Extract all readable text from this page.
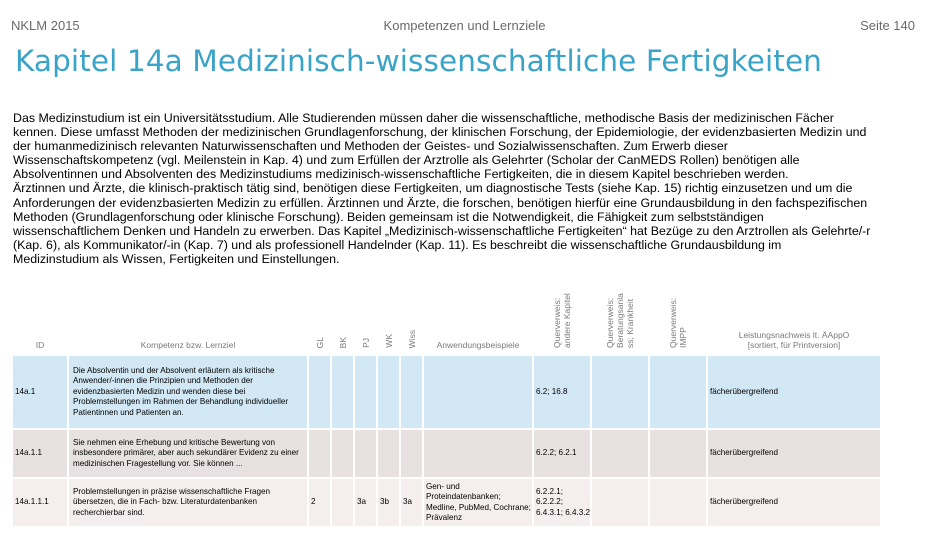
NKLM 2015	Kompetenzen und Lernziele	Seite 140
Kapitel 14a Medizinisch-wissenschaftliche Fertigkeiten

Das Medizinstudium ist ein Universitätsstudium. Alle Studierenden müssen daher die wissenschaftliche, methodische Basis der medizinischen Fächer

kennen. Diese umfasst Methoden der medizinischen Grundlagenforschung, der klinischen Forschung, der Epidemiologie, der evidenzbasierten Medizin und

der humanmedizinisch relevanten Naturwissenschaften und Methoden der Geistes- und Sozialwissenschaften. Zum Erwerb dieser

Wissenschaftskompetenz (vgl. Meilenstein in Kap. 4) und zum Erfüllen der Arztrolle als Gelehrter (Scholar der CanMEDS Rollen) benötigen alle

Absolventinnen und Absolventen des Medizinstudiums medizinisch-wissenschaftliche Fertigkeiten, die in diesem Kapitel beschrieben werden.

Ärztinnen und Ärzte, die klinisch-praktisch tätig sind, benötigen diese Fertigkeiten, um diagnostische Tests (siehe Kap. 15) richtig einzusetzen und um die

Anforderungen der evidenzbasierten Medizin zu erfüllen. Ärztinnen und Ärzte, die forschen, benötigen hierfür eine Grundausbildung in den fachspezifischen

Methoden (Grundlagenforschung oder klinische Forschung). Beiden gemeinsam ist die Notwendigkeit, die Fähigkeit zum selbstständigen

wissenschaftlichem Denken und Handeln zu erwerben. Das Kapitel „Medizinisch-wissenschaftliche Fertigkeiten“ hat Bezüge zu den Arztrollen als Gelehrte/-r

(Kap. 6), als Kommunikator/-in (Kap. 7) und als professionell Handelnder (Kap. 11). Es beschreibt die wissenschaftliche Grundausbildung im

Medizinstudium als Wissen, Fertigkeiten und Einstellungen.

ID	Kompetenz bzw. Lernziel	GL	BK	PJ	WK	Wiss	Anwendungsbeispiele	Querverweis: andere Kapitel	Querverweis: Beratungsanla ss; Krankheit	Querverweis: IMPP	Leistungsnachweis lt. ÄAppO
[sortiert, für Printversion]

14a.1	Die Absolventin und der Absolvent erläutern als kritische Anwender/-innen die Prinzipien und Methoden der evidenzbasierten Medizin und wenden diese bei Problemstellungen im Rahmen der Behandlung individueller Patientinnen und Patienten an.							6.2; 16.8			fächerübergreifend
14a.1.1	Sie nehmen eine Erhebung und kritische Bewertung von insbesondere primärer, aber auch sekundärer Evidenz zu einer medizinischen Fragestellung vor. Sie können ...							6.2.2; 6.2.1			fächerübergreifend
14a.1.1.1	Problemstellungen in präzise wissenschaftliche Fragen übersetzen, die in Fach- bzw. Literaturdatenbanken recherchierbar sind.	2		3a	3b	3a	Gen- und Proteindatenbanken; Medline, PubMed, Cochrane; Prävalenz	6.2.2.1; 6.2.2.2; 6.4.3.1; 6.4.3.2			fächerübergreifend
